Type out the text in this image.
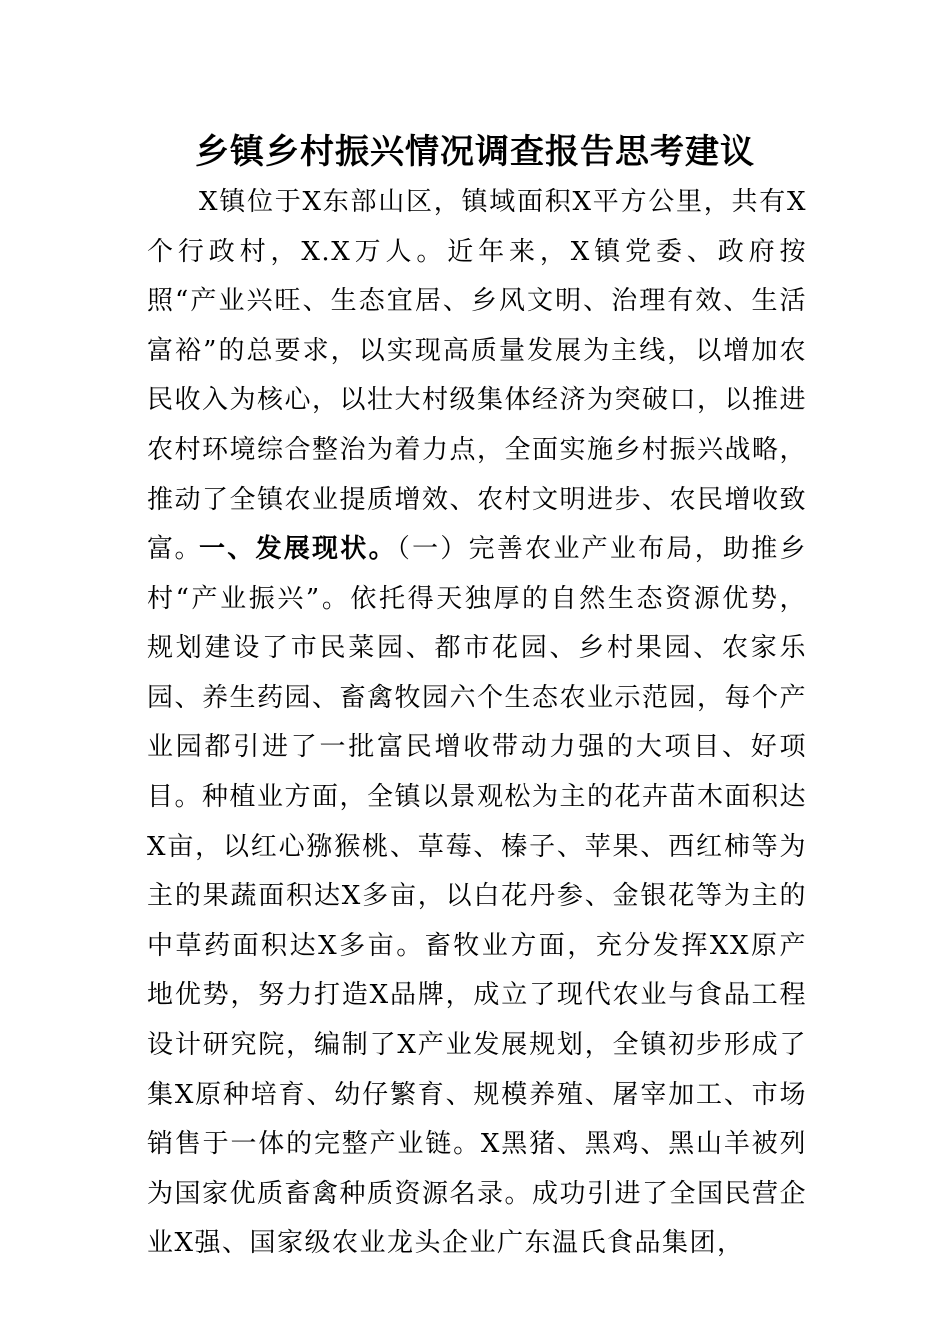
乡镇乡村振兴情况调查报告思考建议

X镇位于X东部山区，镇域面积X平方公里，共有X个行政村，X.X万人。近年来，X镇党委、政府按照“产业兴旺、生态宜居、乡风文明、治理有效、生活富裕”的总要求，以实现高质量发展为主线，以增加农民收入为核心，以壮大村级集体经济为突破口，以推进农村环境综合整治为着力点，全面实施乡村振兴战略，推动了全镇农业提质增效、农村文明进步、农民增收致富。

一、发展现状。（一）完善农业产业布局，助推乡村“产业振兴”。依托得天独厚的自然生态资源优势，规划建设了市民菜园、都市花园、乡村果园、农家乐园、养生药园、畜禽牧园六个生态农业示范园，每个产业园都引进了一批富民增收带动力强的大项目、好项目。种植业方面，全镇以景观松为主的花卉苗木面积达X亩，以红心猕猴桃、草莓、榛子、苹果、西红柿等为主的果蔬面积达X多亩，以白花丹参、金银花等为主的中草药面积达X多亩。畜牧业方面，充分发挥XX原产地优势，努力打造X品牌，成立了现代农业与食品工程设计研究院，编制了X产业发展规划，全镇初步形成了集X原种培育、幼仔繁育、规模养殖、屠宰加工、市场销售于一体的完整产业链。X黑猪、黑鸡、黑山羊被列为国家优质畜禽种质资源名录。成功引进了全国民营企业X强、国家级农业龙头企业广东温氏食品集团，
